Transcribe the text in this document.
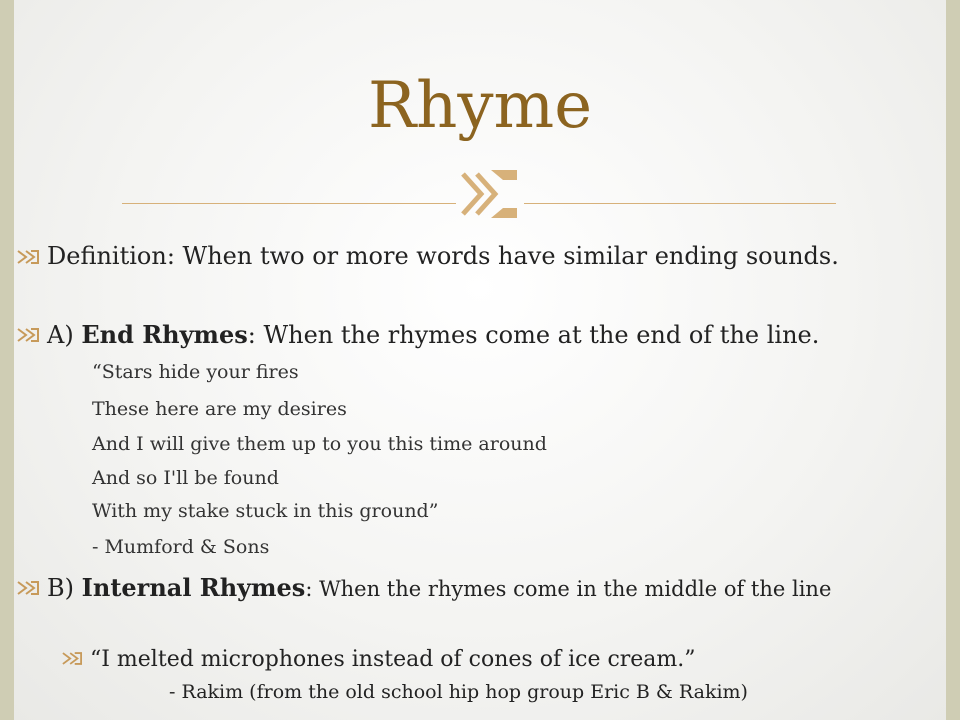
Rhyme
Definition: When two or more words have similar ending sounds.
A) End Rhymes: When the rhymes come at the end of the line.
“Stars hide your fires
These here are my desires
And I will give them up to you this time around
And so I'll be found
With my stake stuck in this ground”
- Mumford & Sons
B) Internal Rhymes: When the rhymes come in the middle of the line
“I melted microphones instead of cones of ice cream.”
- Rakim (from the old school hip hop group Eric B & Rakim)
